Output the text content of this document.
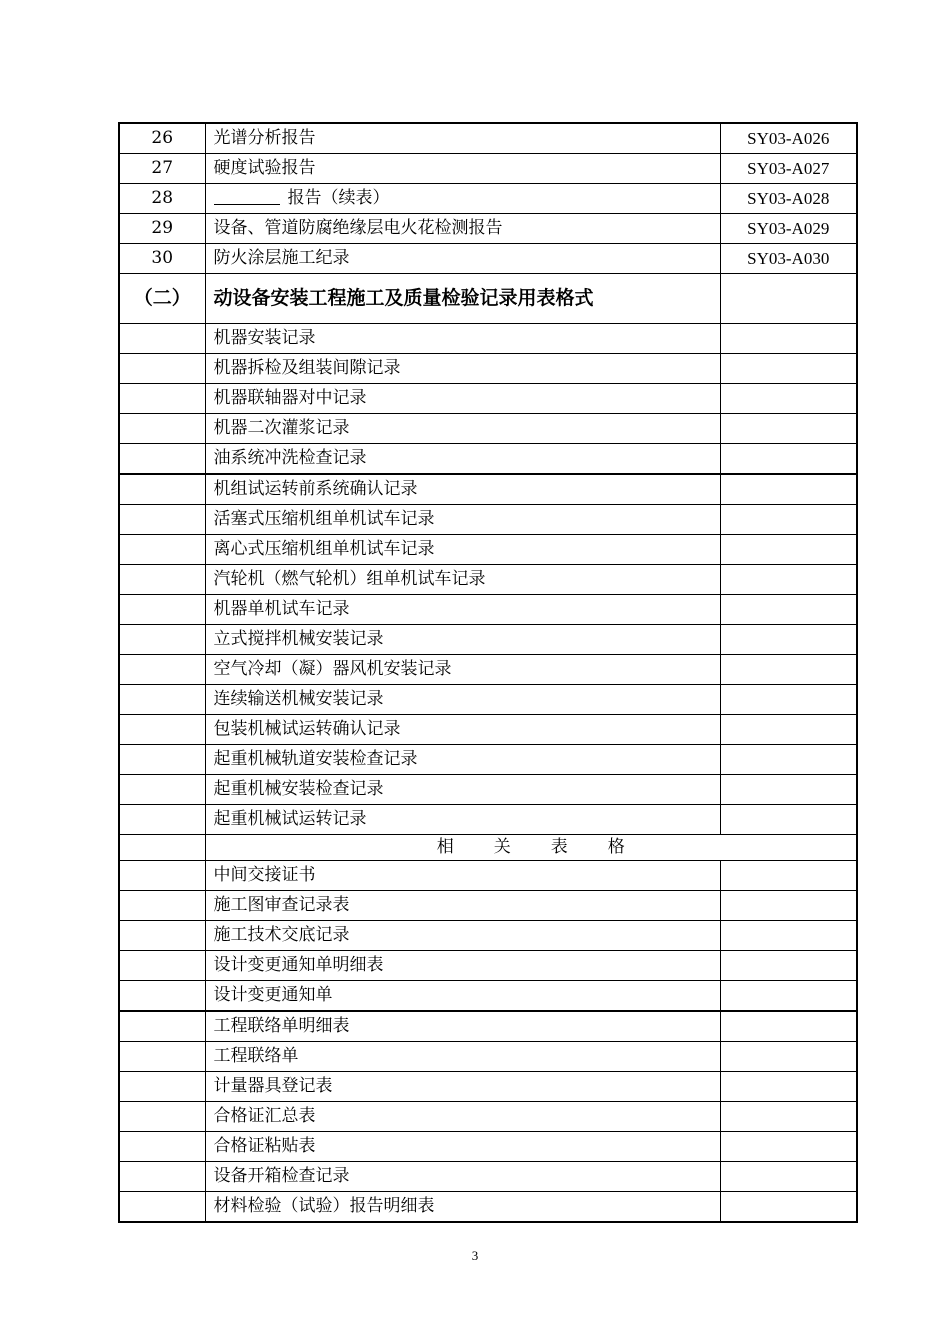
26	光谱分析报告	SY03-A026
27	硬度试验报告	SY03-A027
28	报告（续表）	SY03-A028
29	设备、管道防腐绝缘层电火花检测报告	SY03-A029
30	防火涂层施工纪录	SY03-A030
（二）	动设备安装工程施工及质量检验记录用表格式	
	机器安装记录	
	机器拆检及组装间隙记录	
	机器联轴器对中记录	
	机器二次灌浆记录	
	油系统冲洗检查记录	
	机组试运转前系统确认记录	
	活塞式压缩机组单机试车记录	
	离心式压缩机组单机试车记录	
	汽轮机（燃气轮机）组单机试车记录	
	机器单机试车记录	
	立式搅拌机械安装记录	
	空气冷却（凝）器风机安装记录	
	连续输送机械安装记录	
	包装机械试运转确认记录	
	起重机械轨道安装检查记录	
	起重机械安装检查记录	
	起重机械试运转记录	
	相 关 表 格	
	中间交接证书	
	施工图审查记录表	
	施工技术交底记录	
	设计变更通知单明细表	
	设计变更通知单	
	工程联络单明细表	
	工程联络单	
	计量器具登记表	
	合格证汇总表	
	合格证粘贴表	
	设备开箱检查记录	
	材料检验（试验）报告明细表	
3
